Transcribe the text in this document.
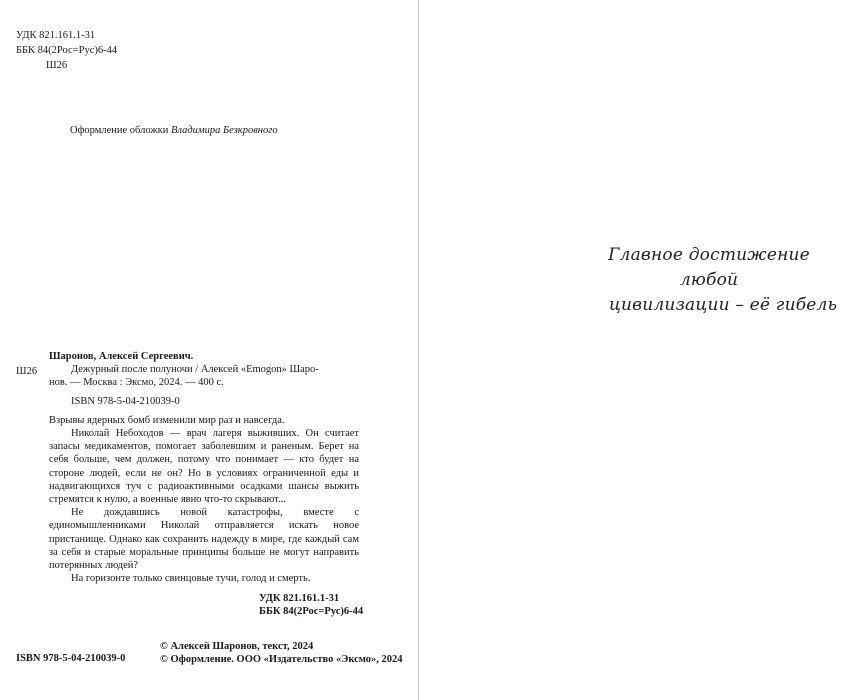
УДК 821.161.1-31
ББК 84(2Рос=Рус)6-44
Ш26
Оформление обложки Владимира Безкровного
Ш26

Шаронов, Алексей Сергеевич.

Дежурный после полуночи / Алексей «Emogon» Шаро-

нов. — Москва : Эксмо, 2024. — 400 с.

ISBN 978-5-04-210039-0

Взрывы ядерных бомб изменили мир раз и навсегда.

Николай Небоходов — врач лагеря выживших. Он считает запасы медикаментов, помогает заболевшим и раненым. Берет на себя больше, чем должен, потому что понимает — кто будет на стороне людей, если не он? Но в условиях ограниченной еды и надвигающихся туч с радиоактивными осадками шансы выжить стремятся к нулю, а военные явно что-то скрывают...

Не дождавшись новой катастрофы, вместе с единомышленниками Николай отправляется искать новое пристанище. Однако как сохранить надежду в мире, где каждый сам за себя и старые моральные принципы больше не могут направить потерянных людей?

На горизонте только свинцовые тучи, голод и смерть.

УДК 821.161.1-31
ББК 84(2Рос=Рус)6-44
© Алексей Шаронов, текст, 2024
© Оформление. ООО «Издательство «Эксмо», 2024
ISBN 978-5-04-210039-0
Главное достижение любой
цивилизации – её гибель
